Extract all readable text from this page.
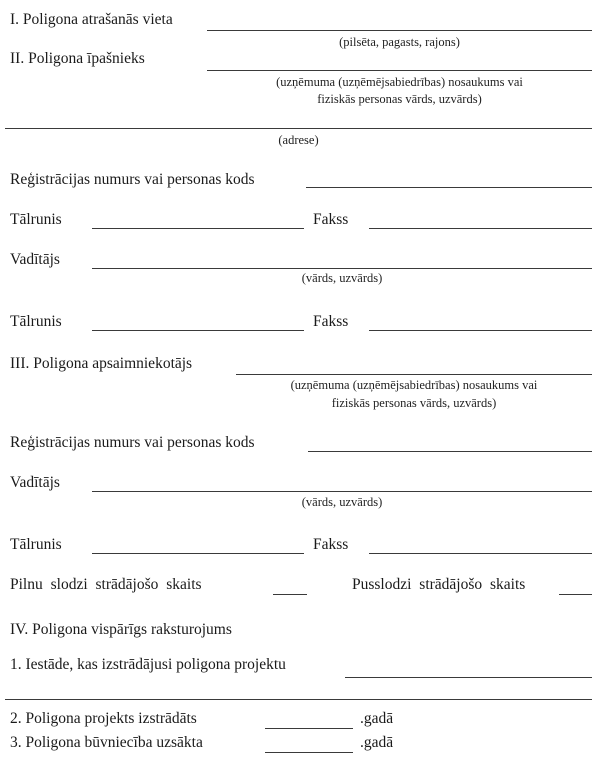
I. Poligona atrašanās vieta
(pilsēta, pagasts, rajons)
II. Poligona īpašnieks
(uzņēmuma (uzņēmējsabiedrības) nosaukums vai
fiziskās personas vārds, uzvārds)
(adrese)
Reģistrācijas numurs vai personas kods
Tālrunis	Fakss
Vadītājs
(vārds, uzvārds)
Tālrunis	Fakss
III. Poligona apsaimniekotājs
(uzņēmuma (uzņēmējsabiedrības) nosaukums vai
fiziskās personas vārds, uzvārds)
Reģistrācijas numurs vai personas kods
Vadītājs
(vārds, uzvārds)
Tālrunis	Fakss
Pilnu slodzi strādājošo skaits	Pusslodzi strādājošo skaits
IV. Poligona vispārīgs raksturojums
1. Iestāde, kas izstrādājusi poligona projektu
2. Poligona projekts izstrādāts	.gadā
3. Poligona būvniecība uzsākta	.gadā
